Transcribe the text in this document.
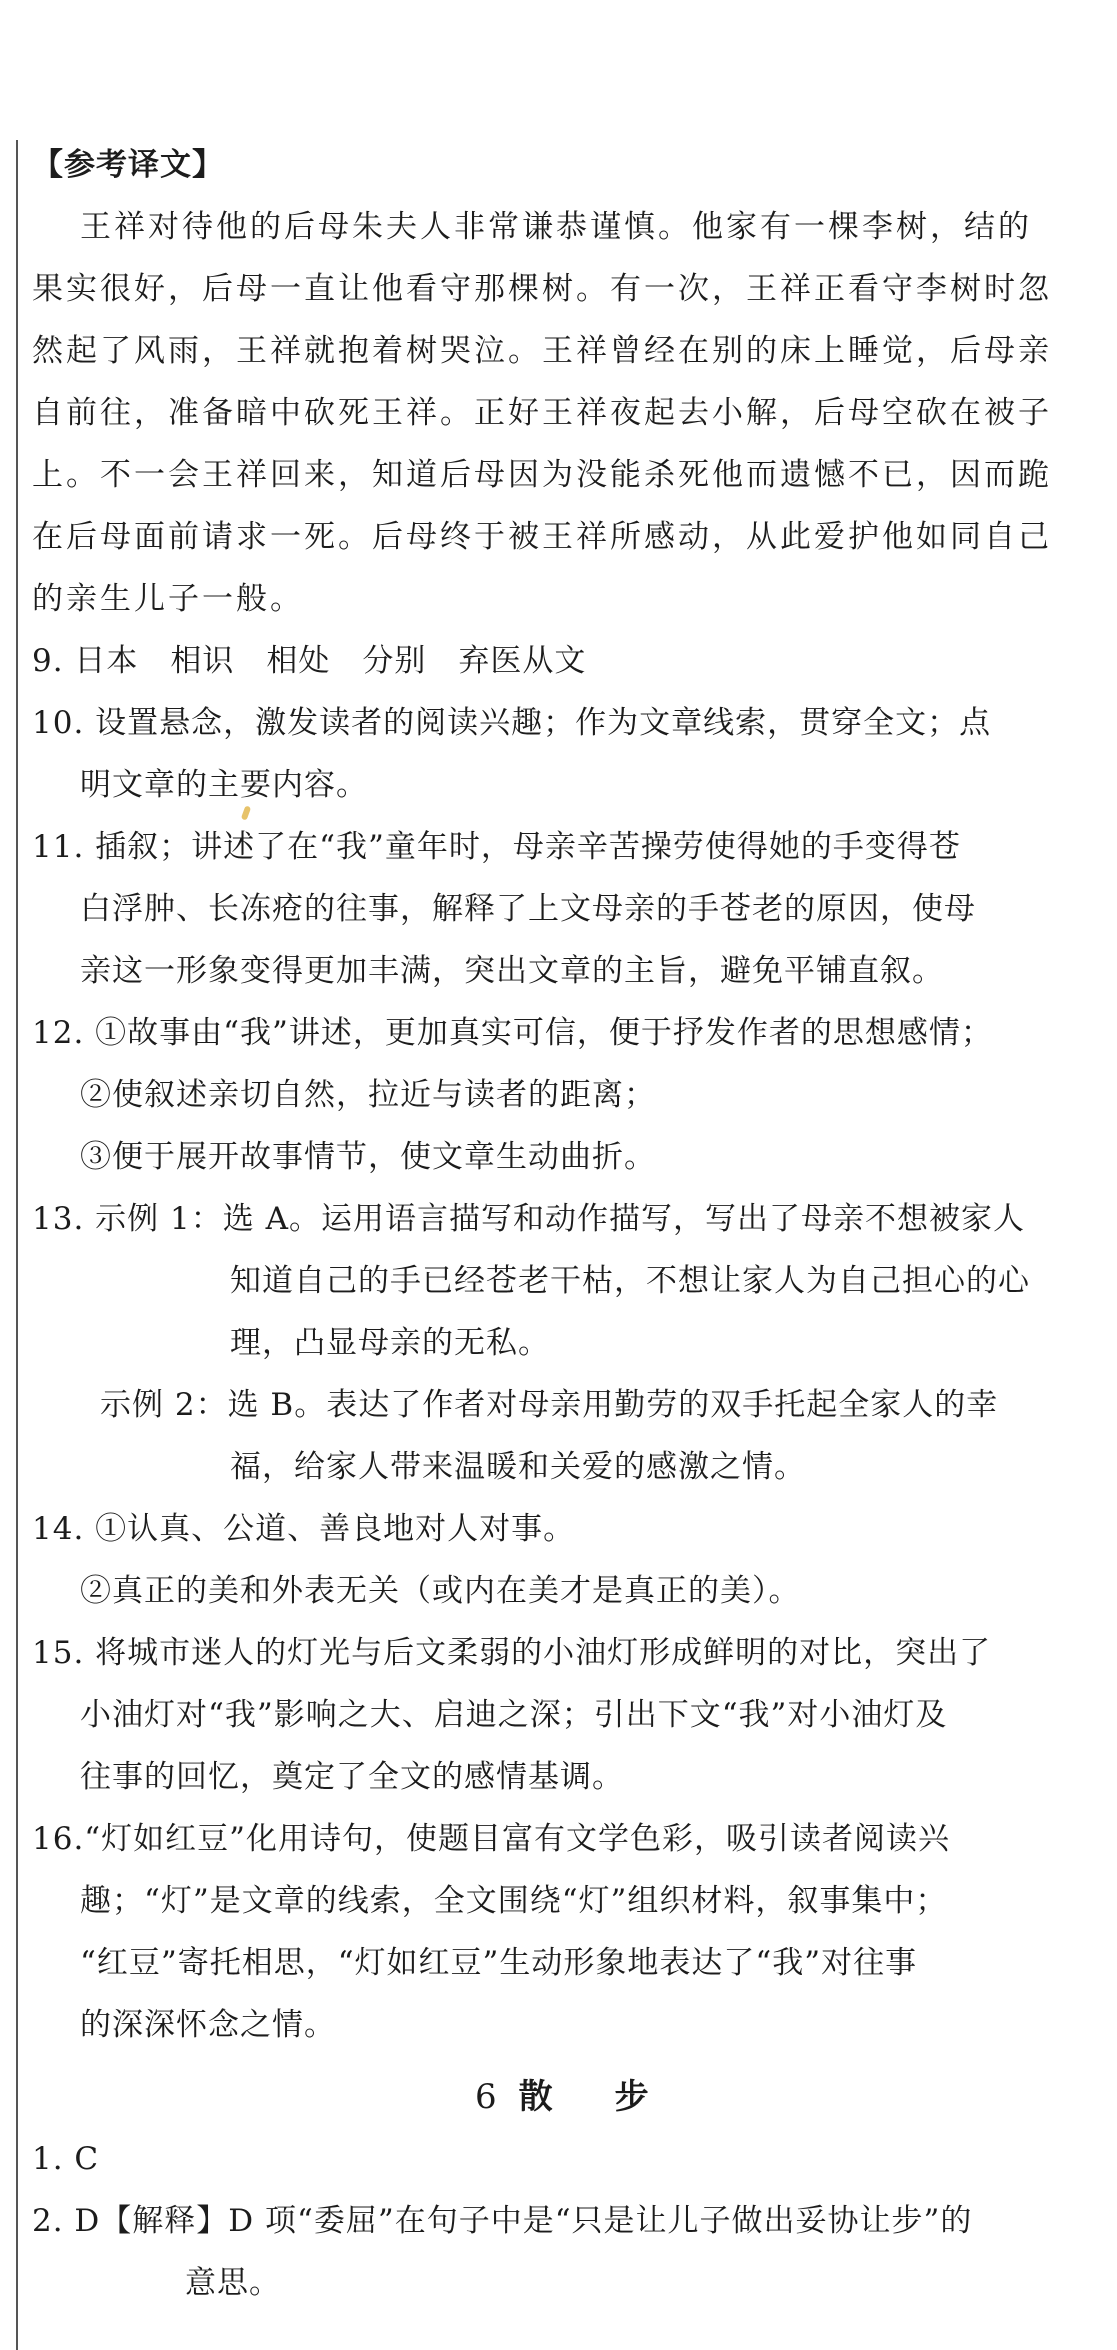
【参考译文】
王祥对待他的后母朱夫人非常谦恭谨慎。他家有一棵李树，结的
果实很好，后母一直让他看守那棵树。有一次，王祥正看守李树时忽
然起了风雨，王祥就抱着树哭泣。王祥曾经在别的床上睡觉，后母亲
自前往，准备暗中砍死王祥。正好王祥夜起去小解，后母空砍在被子
上。不一会王祥回来，知道后母因为没能杀死他而遗憾不已，因而跪
在后母面前请求一死。后母终于被王祥所感动，从此爱护他如同自己
的亲生儿子一般。
9. 日本　相识　相处　分别　弃医从文
10. 设置悬念，激发读者的阅读兴趣；作为文章线索，贯穿全文；点
明文章的主要内容。
11. 插叙；讲述了在“我”童年时，母亲辛苦操劳使得她的手变得苍
白浮肿、长冻疮的往事，解释了上文母亲的手苍老的原因，使母
亲这一形象变得更加丰满，突出文章的主旨，避免平铺直叙。
12. ①故事由“我”讲述，更加真实可信，便于抒发作者的思想感情；
②使叙述亲切自然，拉近与读者的距离；
③便于展开故事情节，使文章生动曲折。
13. 示例 1：选 A。运用语言描写和动作描写，写出了母亲不想被家人
知道自己的手已经苍老干枯，不想让家人为自己担心的心
理，凸显母亲的无私。
示例 2：选 B。表达了作者对母亲用勤劳的双手托起全家人的幸
福，给家人带来温暖和关爱的感激之情。
14. ①认真、公道、善良地对人对事。
②真正的美和外表无关（或内在美才是真正的美）。
15. 将城市迷人的灯光与后文柔弱的小油灯形成鲜明的对比，突出了
小油灯对“我”影响之大、启迪之深；引出下文“我”对小油灯及
往事的回忆，奠定了全文的感情基调。
16.“灯如红豆”化用诗句，使题目富有文学色彩，吸引读者阅读兴
趣；“灯”是文章的线索，全文围绕“灯”组织材料，叙事集中；
“红豆”寄托相思，“灯如红豆”生动形象地表达了“我”对往事
的深深怀念之情。
6 散　步
1. C
2. D【解释】D 项“委屈”在句子中是“只是让儿子做出妥协让步”的
意思。
